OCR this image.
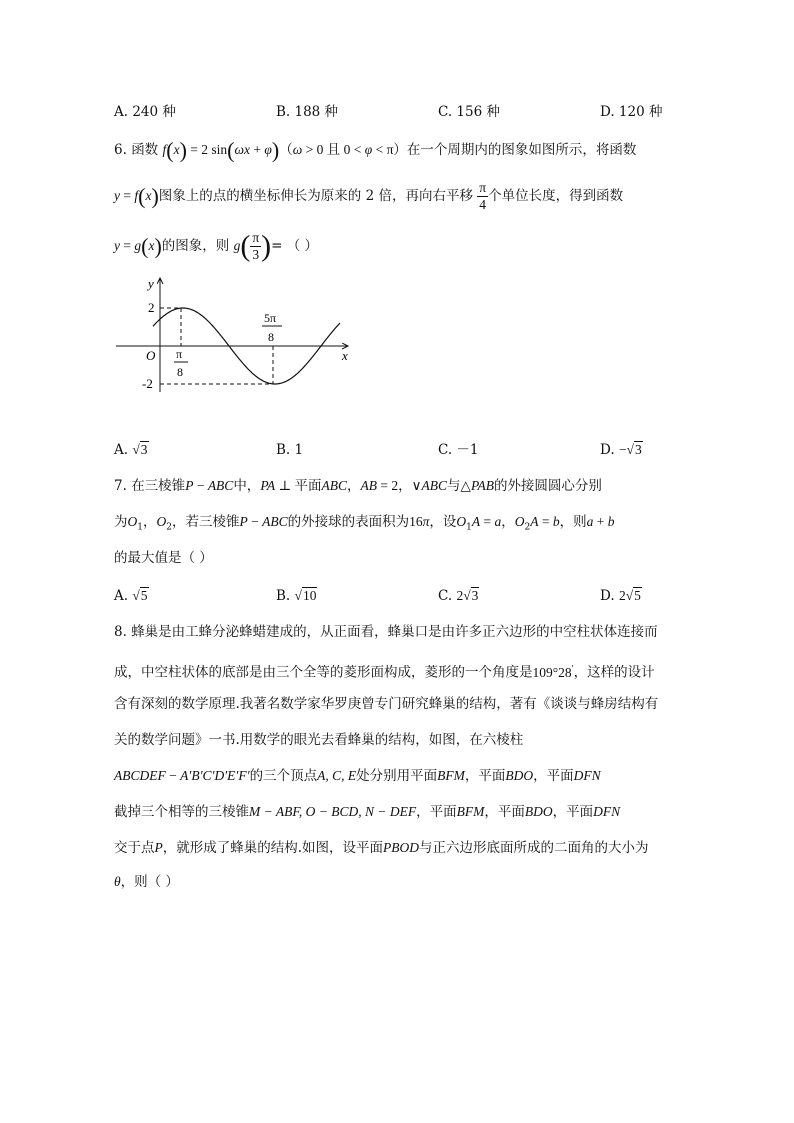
A. 240 种	B. 188 种	C. 156 种	D. 120 种
6. 函数 f(x) = 2 sin(ωx + φ)（ω > 0 且 0 < φ < π）在一个周期内的图象如图所示，将函数
y = f(x)图象上的点的横坐标伸长为原来的 2 倍，再向右平移 $\frac{\pi}{4}$ 个单位长度，得到函数
y = g(x)的图象，则 $g( \frac{\pi}{3}$ )= （ ）
y
x
O
2
-2
π
8
5π
8
A. √3	B. 1	C. －1	D. −√3
7. 在三棱锥P − ABC中，PA ⊥ 平面ABC，AB = 2，∨ABC与△PAB的外接圆圆心分别
为$O_1$，$O_2$，若三棱锥P − ABC的外接球的表面积为16π，设$O_1A = a$，$O_2A = b$，则a + b
的最大值是（ ）
A. √5	B. √10	C. 2√3	D. 2√5
8. 蜂巢是由工蜂分泌蜂蜡建成的，从正面看，蜂巢口是由许多正六边形的中空柱状体连接而
成，中空柱状体的底部是由三个全等的菱形面构成，菱形的一个角度是109°28′，这样的设计
含有深刻的数学原理.我著名数学家华罗庚曾专门研究蜂巢的结构，著有《谈谈与蜂房结构有
关的数学问题》一书.用数学的眼光去看蜂巢的结构，如图，在六棱柱
ABCDEF − A′B′C′D′E′F′的三个顶点A, C, E处分别用平面BFM，平面BDO，平面DFN
截掉三个相等的三棱锥M − ABF, O − BCD, N − DEF，平面BFM，平面BDO，平面DFN
交于点P，就形成了蜂巢的结构.如图，设平面PBOD与正六边形底面所成的二面角的大小为
θ，则（ ）
